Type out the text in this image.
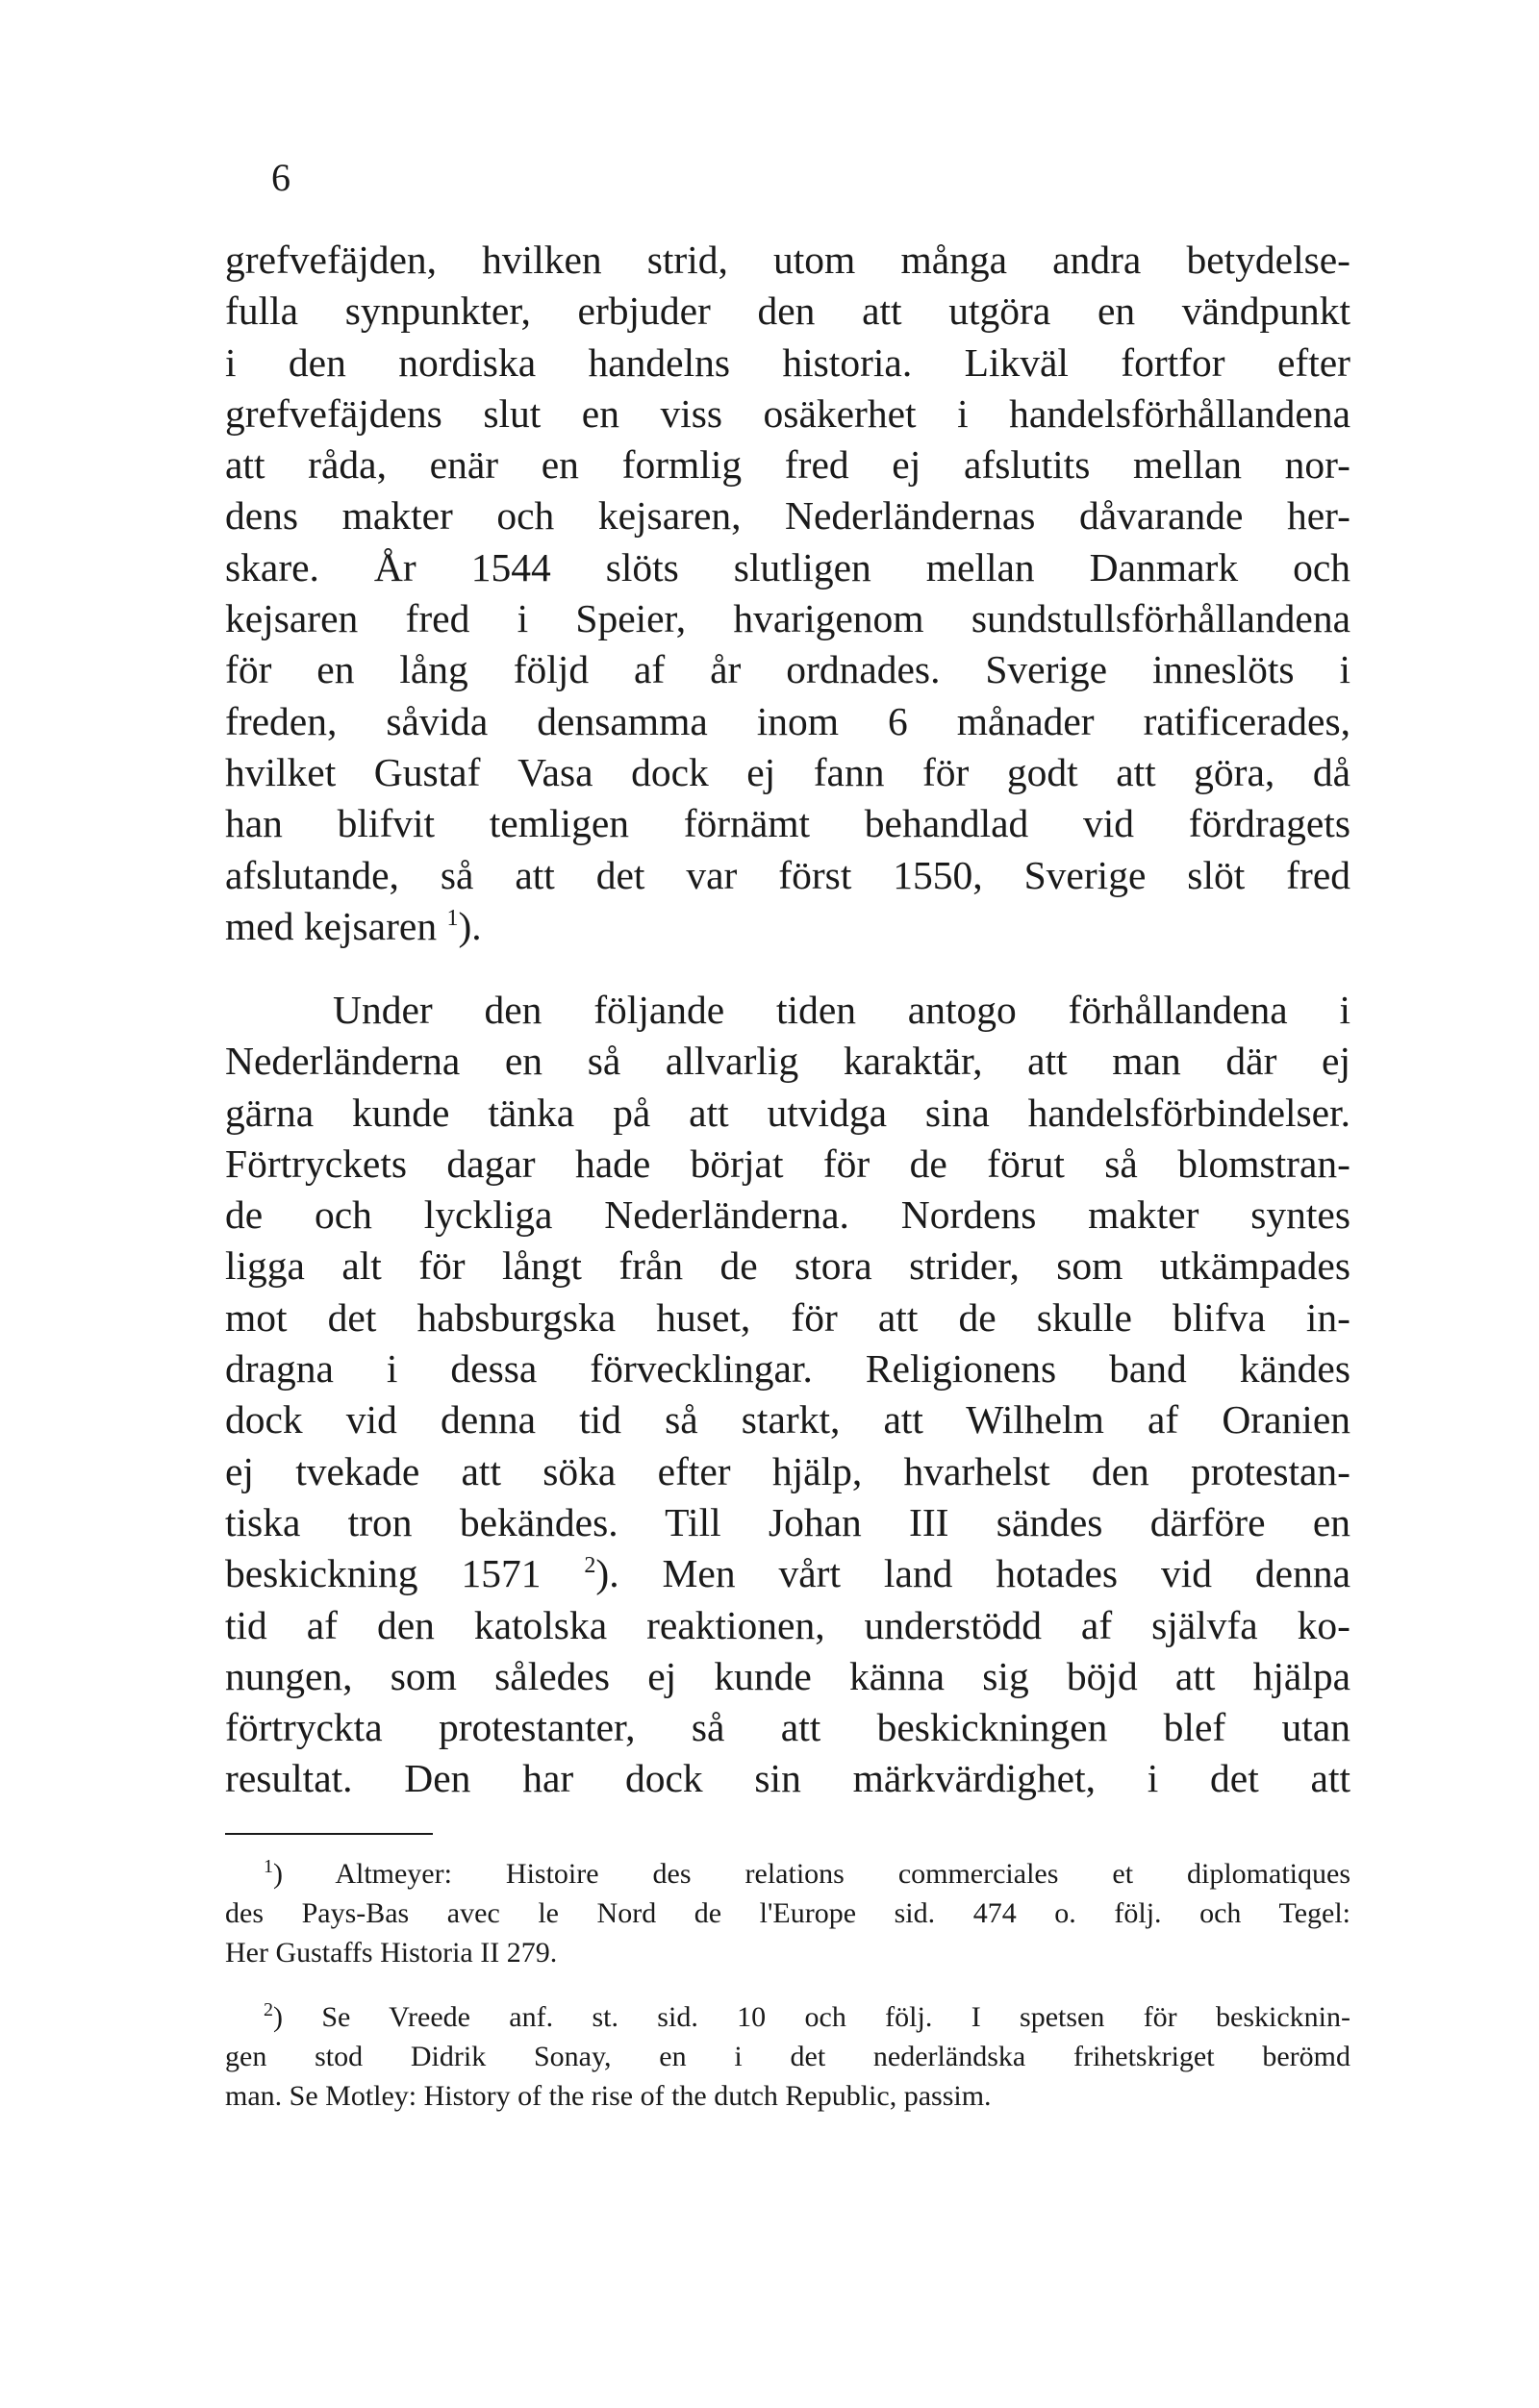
6
grefvefäjden, hvilken strid, utom många andra betydelse-
fulla synpunkter, erbjuder den att utgöra en vändpunkt
i den nordiska handelns historia. Likväl fortfor efter
grefvefäjdens slut en viss osäkerhet i handelsförhållandena
att råda, enär en formlig fred ej afslutits mellan nor-
dens makter och kejsaren, Nederländernas dåvarande her-
skare. År 1544 slöts slutligen mellan Danmark och
kejsaren fred i Speier, hvarigenom sundstullsförhållandena
för en lång följd af år ordnades. Sverige inneslöts i
freden, såvida densamma inom 6 månader ratificerades,
hvilket Gustaf Vasa dock ej fann för godt att göra, då
han blifvit temligen förnämt behandlad vid fördragets
afslutande, så att det var först 1550, Sverige slöt fred
med kejsaren $^1$).
Under den följande tiden antogo förhållandena i
Nederländerna en så allvarlig karaktär, att man där ej
gärna kunde tänka på att utvidga sina handelsförbindelser.
Förtryckets dagar hade börjat för de förut så blomstran-
de och lyckliga Nederländerna. Nordens makter syntes
ligga alt för långt från de stora strider, som utkämpades
mot det habsburgska huset, för att de skulle blifva in-
dragna i dessa förvecklingar. Religionens band kändes
dock vid denna tid så starkt, att Wilhelm af Oranien
ej tvekade att söka efter hjälp, hvarhelst den protestan-
tiska tron bekändes. Till Johan III sändes därföre en
beskickning 1571 $^2$). Men vårt land hotades vid denna
tid af den katolska reaktionen, understödd af självfa ko-
nungen, som således ej kunde känna sig böjd att hjälpa
förtryckta protestanter, så att beskickningen blef utan
resultat. Den har dock sin märkvärdighet, i det att
$^1$) Altmeyer: Histoire des relations commerciales et diplomatiques
des Pays-Bas avec le Nord de l'Europe sid. 474 o. följ. och Tegel:
Her Gustaffs Historia II 279.
$^2$) Se Vreede anf. st. sid. 10 och följ. I spetsen för beskicknin-
gen stod Didrik Sonay, en i det nederländska frihetskriget berömd
man. Se Motley: History of the rise of the dutch Republic, passim.
